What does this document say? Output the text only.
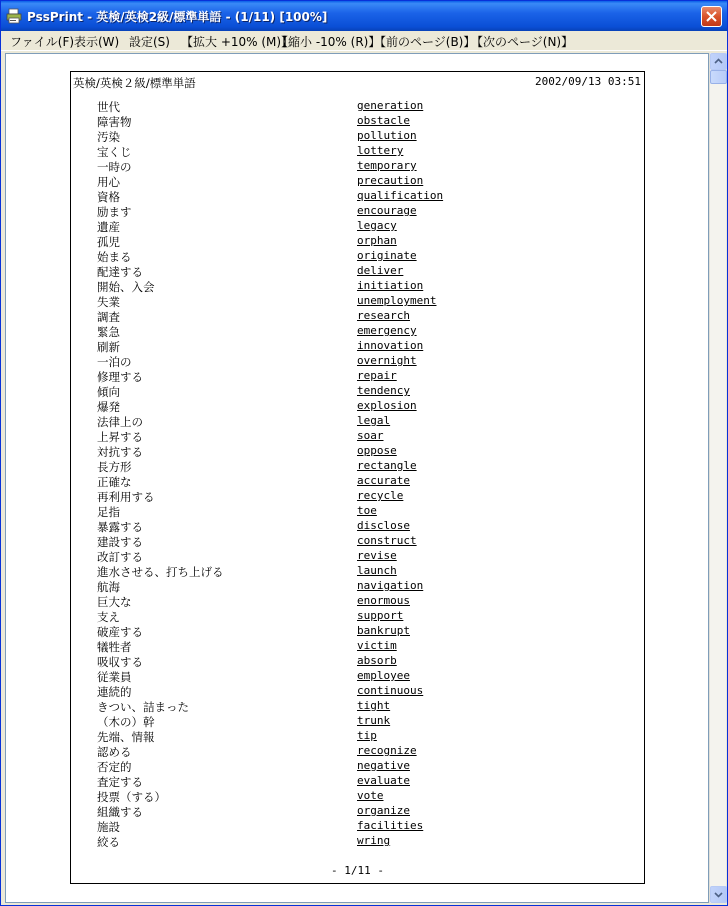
PssPrint - 英検/英検2級/標準単語 - (1/11) [100%]
ファイル(F) 表示(W) 設定(S) 【拡大 +10% (M)】
【縮小 -10% (R)】
【前のページ(B)】
【次のページ(N)】
英検/英検２級/標準単語	2002/09/13 03:51
世代	generation
障害物	obstacle
汚染	pollution
宝くじ	lottery
一時の	temporary
用心	precaution
資格	qualification
励ます	encourage
遺産	legacy
孤児	orphan
始まる	originate
配達する	deliver
開始、入会	initiation
失業	unemployment
調査	research
緊急	emergency
刷新	innovation
一泊の	overnight
修理する	repair
傾向	tendency
爆発	explosion
法律上の	legal
上昇する	soar
対抗する	oppose
長方形	rectangle
正確な	accurate
再利用する	recycle
足指	toe
暴露する	disclose
建設する	construct
改訂する	revise
進水させる、打ち上げる	launch
航海	navigation
巨大な	enormous
支え	support
破産する	bankrupt
犠牲者	victim
吸収する	absorb
従業員	employee
連続的	continuous
きつい、詰まった	tight
（木の）幹	trunk
先端、情報	tip
認める	recognize
否定的	negative
査定する	evaluate
投票（する）	vote
組織する	organize
施設	facilities
絞る	wring
- 1/11 -
